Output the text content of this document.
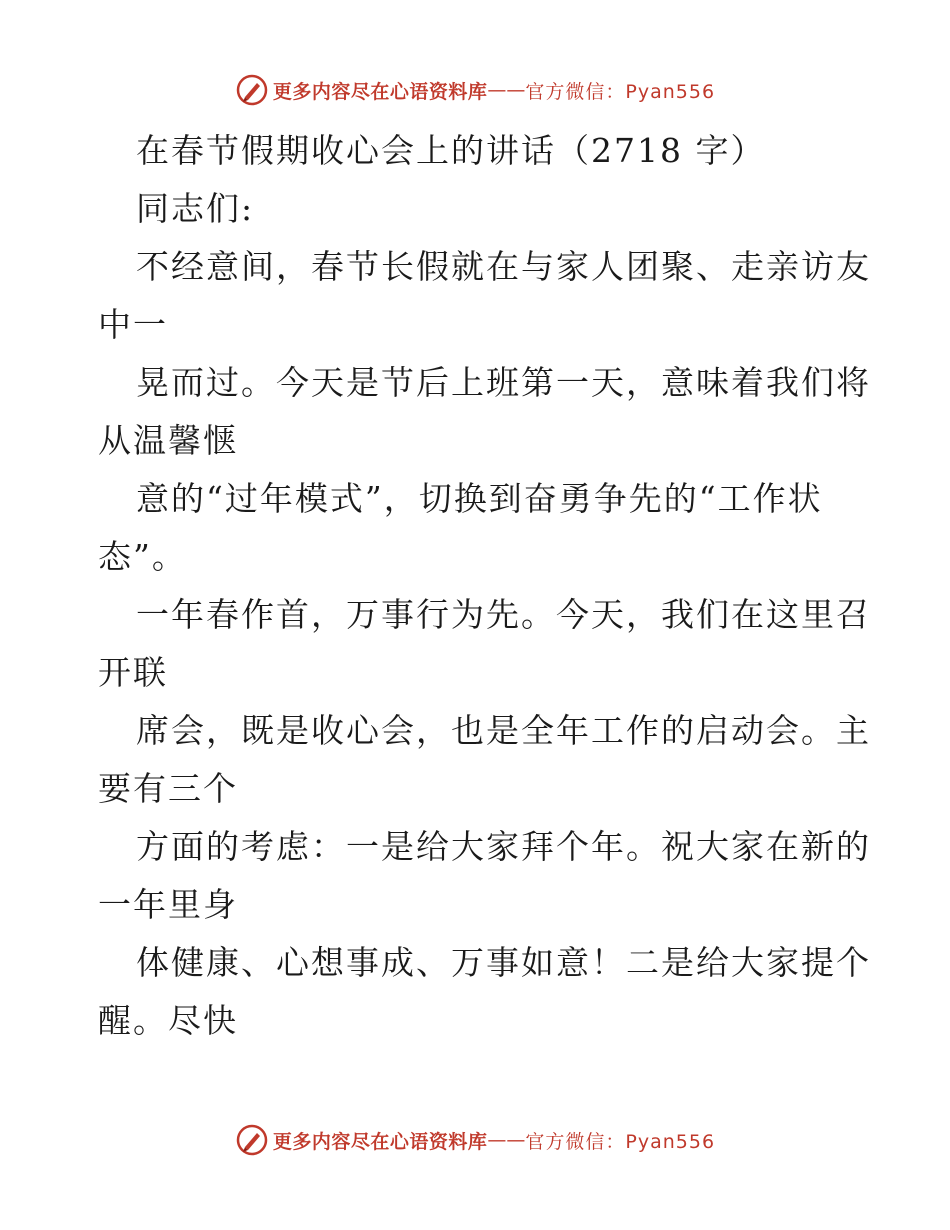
更多内容尽在心语资料库 —— 官方微信：Pyan556
在春节假期收心会上的讲话（2718 字）
同志们:
不经意间，春节长假就在与家人团聚、走亲访友
中一
晃而过。今天是节后上班第一天，意味着我们将
从温馨惬
意的“过年模式”，切换到奋勇争先的“工作状
态”。
一年春作首，万事行为先。今天，我们在这里召
开联
席会，既是收心会，也是全年工作的启动会。主
要有三个
方面的考虑：一是给大家拜个年。祝大家在新的
一年里身
体健康、心想事成、万事如意！二是给大家提个
醒。尽快
更多内容尽在心语资料库 —— 官方微信：Pyan556
